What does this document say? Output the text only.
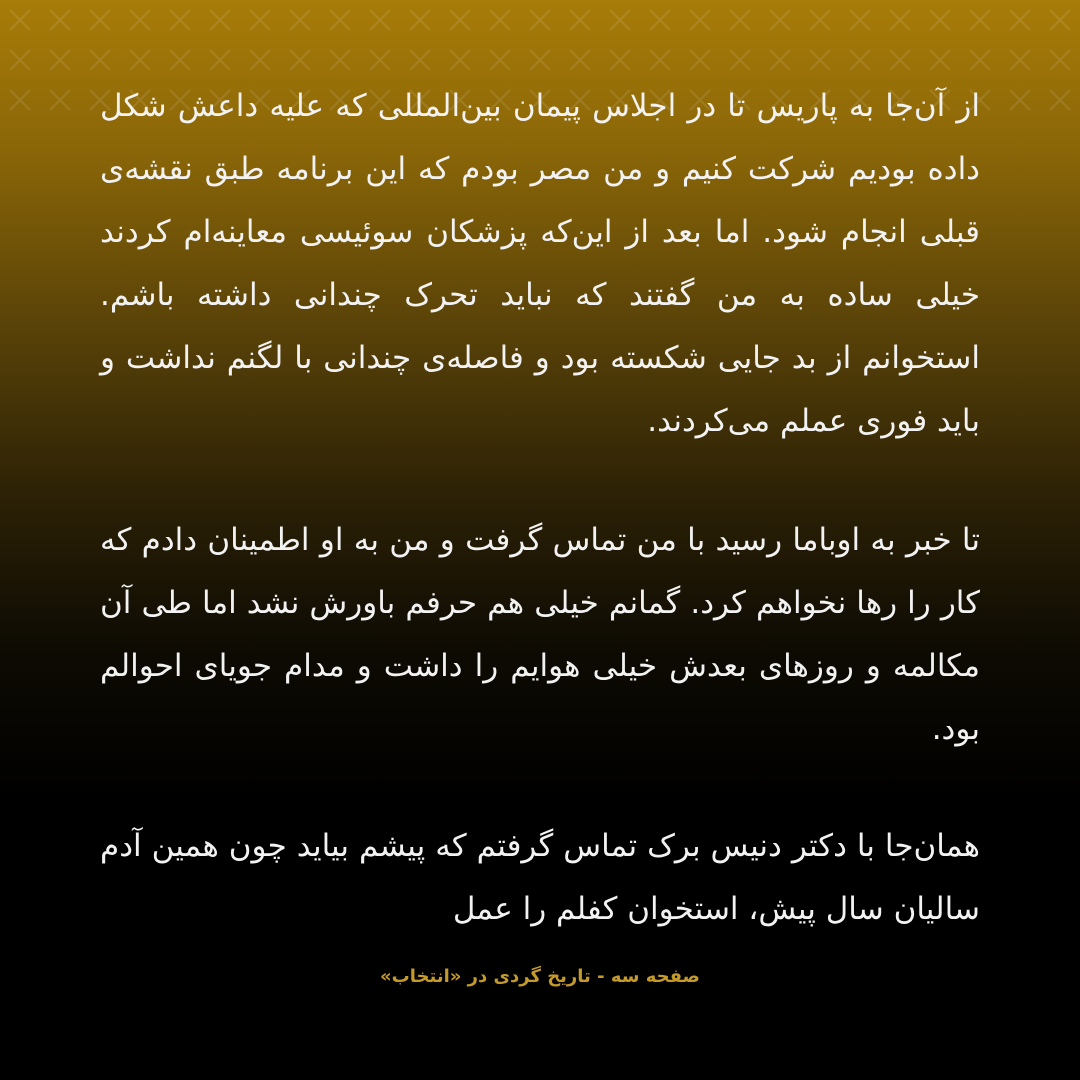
از آن‌جا به پاریس تا در اجلاس پیمان بین‌المللی که علیه داعش شکل داده بودیم شرکت کنیم و من مصر بودم که این برنامه طبق نقشه‌ی قبلی انجام شود. اما بعد از این‌که پزشکان سوئیسی معاینه‌ام کردند خیلی ساده به من گفتند که نباید تحرک چندانی داشته باشم. استخوانم از بد جایی شکسته بود و فاصله‌ی چندانی با لگنم نداشت و باید فوری عملم می‌کردند.

تا خبر به اوباما رسید با من تماس گرفت و من به او اطمینان دادم که کار را رها نخواهم کرد. گمانم خیلی هم حرفم باورش نشد اما طی آن مکالمه و روزهای بعدش خیلی هوایم را داشت و مدام جویای احوالم بود.

همان‌جا با دکتر دنیس برک تماس گرفتم که پیشم بیاید چون همین آدم سالیان سال پیش، استخوان کفلم را عمل

صفحه سه - تاریخ گردی در «انتخاب»
